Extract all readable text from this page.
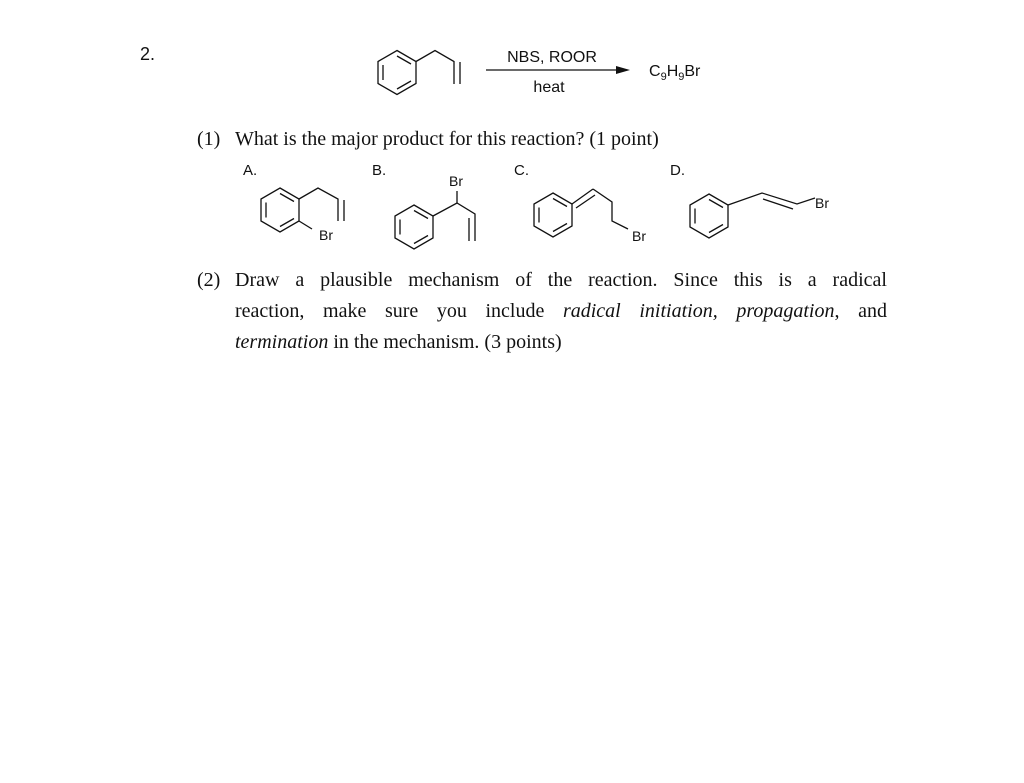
2.	NBS, ROOR
heat
$C_9H_9Br$
A.	B.	C.	D.
Br
Br
Br
Br
(1) What is the major product for this reaction? (1 point)
(2) Draw a plausible mechanism of the reaction. Since this is a radical
reaction, make sure you include radical initiation, propagation, and
termination in the mechanism. (3 points)
